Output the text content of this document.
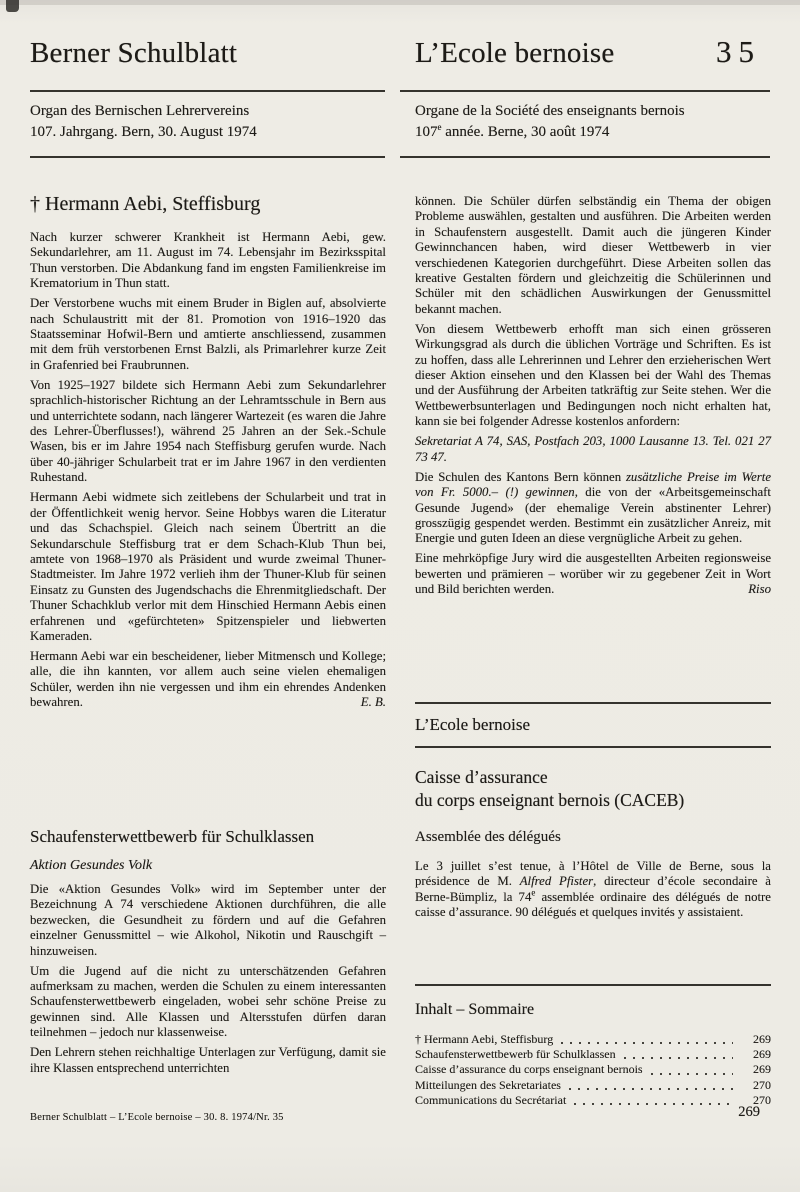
Berner Schulblatt	L’Ecole bernoise	35
Organ des Bernischen Lehrervereins
107. Jahrgang. Bern, 30. August 1974
Organe de la Société des enseignants bernois
107e année. Berne, 30 août 1974
† Hermann Aebi, Steffisburg

Nach kurzer schwerer Krankheit ist Hermann Aebi, gew. Sekundarlehrer, am 11. August im 74. Lebensjahr im Bezirksspital Thun verstorben. Die Abdankung fand im engsten Familienkreise im Krematorium in Thun statt.

Der Verstorbene wuchs mit einem Bruder in Biglen auf, absolvierte nach Schulaustritt mit der 81. Promotion von 1916–1920 das Staatsseminar Hofwil-Bern und amtierte anschliessend, zusammen mit dem früh verstorbenen Ernst Balzli, als Primarlehrer kurze Zeit in Grafenried bei Fraubrunnen.

Von 1925–1927 bildete sich Hermann Aebi zum Sekundarlehrer sprachlich-historischer Richtung an der Lehramtsschule in Bern aus und unterrichtete sodann, nach längerer Wartezeit (es waren die Jahre des Lehrer-Überflusses!), während 25 Jahren an der Sek.-Schule Wasen, bis er im Jahre 1954 nach Steffisburg gerufen wurde. Nach über 40-jähriger Schularbeit trat er im Jahre 1967 in den verdienten Ruhestand.

Hermann Aebi widmete sich zeitlebens der Schularbeit und trat in der Öffentlichkeit wenig hervor. Seine Hobbys waren die Literatur und das Schachspiel. Gleich nach seinem Übertritt an die Sekundarschule Steffisburg trat er dem Schach-Klub Thun bei, amtete von 1968–1970 als Präsident und wurde zweimal Thuner-Stadtmeister. Im Jahre 1972 verlieh ihm der Thuner-Klub für seinen Einsatz zu Gunsten des Jugendschachs die Ehrenmitgliedschaft. Der Thuner Schachklub verlor mit dem Hinschied Hermann Aebis einen erfahrenen und «gefürchteten» Spitzenspieler und liebwerten Kameraden.

Hermann Aebi war ein bescheidener, lieber Mitmensch und Kollege; alle, die ihn kannten, vor allem auch seine vielen ehemaligen Schüler, werden ihn nie vergessen und ihm ein ehrendes Andenken bewahren.	E. B.

Schaufensterwettbewerb für Schulklassen
Aktion Gesundes Volk

Die «Aktion Gesundes Volk» wird im September unter der Bezeichnung A 74 verschiedene Aktionen durchführen, die alle bezwecken, die Gesundheit zu fördern und auf die Gefahren einzelner Genussmittel – wie Alkohol, Nikotin und Rauschgift – hinzuweisen.

Um die Jugend auf die nicht zu unterschätzenden Gefahren aufmerksam zu machen, werden die Schulen zu einem interessanten Schaufensterwettbewerb eingeladen, wobei sehr schöne Preise zu gewinnen sind. Alle Klassen und Altersstufen dürfen daran teilnehmen – jedoch nur klassenweise.

Den Lehrern stehen reichhaltige Unterlagen zur Verfügung, damit sie ihre Klassen entsprechend unterrichten

können. Die Schüler dürfen selbständig ein Thema der obigen Probleme auswählen, gestalten und ausführen. Die Arbeiten werden in Schaufenstern ausgestellt. Damit auch die jüngeren Kinder Gewinnchancen haben, wird dieser Wettbewerb in vier verschiedenen Kategorien durchgeführt. Diese Arbeiten sollen das kreative Gestalten fördern und gleichzeitig die Schülerinnen und Schüler mit den schädlichen Auswirkungen der Genussmittel bekannt machen.

Von diesem Wettbewerb erhofft man sich einen grösseren Wirkungsgrad als durch die üblichen Vorträge und Schriften. Es ist zu hoffen, dass alle Lehrerinnen und Lehrer den erzieherischen Wert dieser Aktion einsehen und den Klassen bei der Wahl des Themas und der Ausführung der Arbeiten tatkräftig zur Seite stehen. Wer die Wettbewerbsunterlagen und Bedingungen noch nicht erhalten hat, kann sie bei folgender Adresse kostenlos anfordern:

Sekretariat A 74, SAS, Postfach 203, 1000 Lausanne 13. Tel. 021 27 73 47.

Die Schulen des Kantons Bern können zusätzliche Preise im Werte von Fr. 5000.– (!) gewinnen, die von der «Arbeitsgemeinschaft Gesunde Jugend» (der ehemalige Verein abstinenter Lehrer) grosszügig gespendet werden. Bestimmt ein zusätzlicher Anreiz, mit Energie und guten Ideen an diese vergnügliche Arbeit zu gehen.

Eine mehrköpfige Jury wird die ausgestellten Arbeiten regionsweise bewerten und prämieren – worüber wir zu gegebener Zeit in Wort und Bild berichten werden.	Riso

L’Ecole bernoise
Caisse d’assurance
du corps enseignant bernois (CACEB)
Assemblée des délégués

Le 3 juillet s’est tenue, à l’Hôtel de Ville de Berne, sous la présidence de M. Alfred Pfister, directeur d’école secondaire à Berne-Bümpliz, la 74e assemblée ordinaire des délégués de notre caisse d’assurance. 90 délégués et quelques invités y assistaient.

Inhalt – Sommaire
† Hermann Aebi, Steffisburg	269
Schaufensterwettbewerb für Schulklassen	269
Caisse d’assurance du corps enseignant bernois	269
Mitteilungen des Sekretariates	270
Communications du Secrétariat	270
Berner Schulblatt – L’Ecole bernoise – 30. 8. 1974/Nr. 35	269
